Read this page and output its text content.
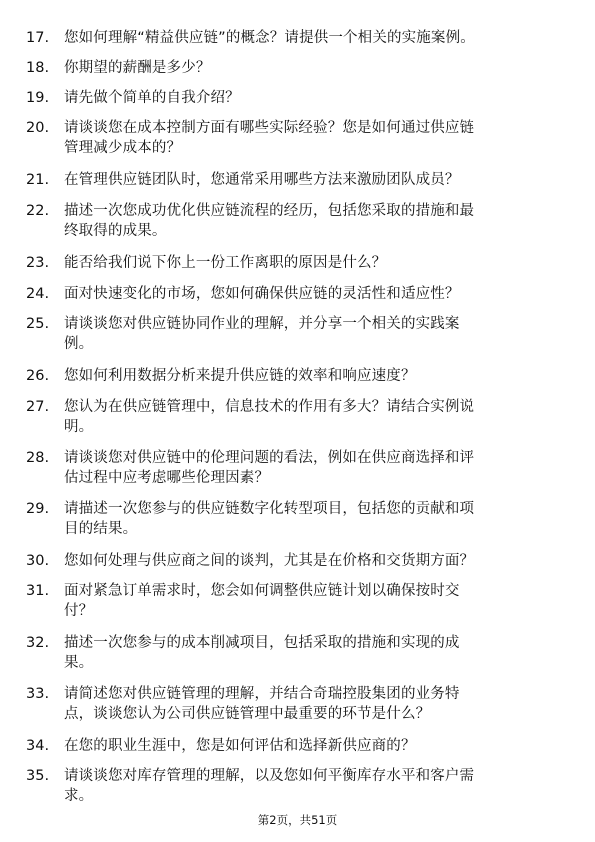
17.	您如何理解“精益供应链”的概念？请提供一个相关的实施案例。
18.	你期望的薪酬是多少？
19.	请先做个简单的自我介绍？
20.	请谈谈您在成本控制方面有哪些实际经验？您是如何通过供应链
管理减少成本的？
21.	在管理供应链团队时，您通常采用哪些方法来激励团队成员？
22.	描述一次您成功优化供应链流程的经历，包括您采取的措施和最
终取得的成果。
23.	能否给我们说下你上一份工作离职的原因是什么？
24.	面对快速变化的市场，您如何确保供应链的灵活性和适应性？
25.	请谈谈您对供应链协同作业的理解，并分享一个相关的实践案
例。
26.	您如何利用数据分析来提升供应链的效率和响应速度？
27.	您认为在供应链管理中，信息技术的作用有多大？请结合实例说
明。
28.	请谈谈您对供应链中的伦理问题的看法，例如在供应商选择和评
估过程中应考虑哪些伦理因素？
29.	请描述一次您参与的供应链数字化转型项目，包括您的贡献和项
目的结果。
30.	您如何处理与供应商之间的谈判，尤其是在价格和交货期方面？
31.	面对紧急订单需求时，您会如何调整供应链计划以确保按时交
付？
32.	描述一次您参与的成本削减项目，包括采取的措施和实现的成
果。
33.	请简述您对供应链管理的理解，并结合奇瑞控股集团的业务特
点，谈谈您认为公司供应链管理中最重要的环节是什么？
34.	在您的职业生涯中，您是如何评估和选择新供应商的？
35.	请谈谈您对库存管理的理解，以及您如何平衡库存水平和客户需
求。
第2页，共51页
